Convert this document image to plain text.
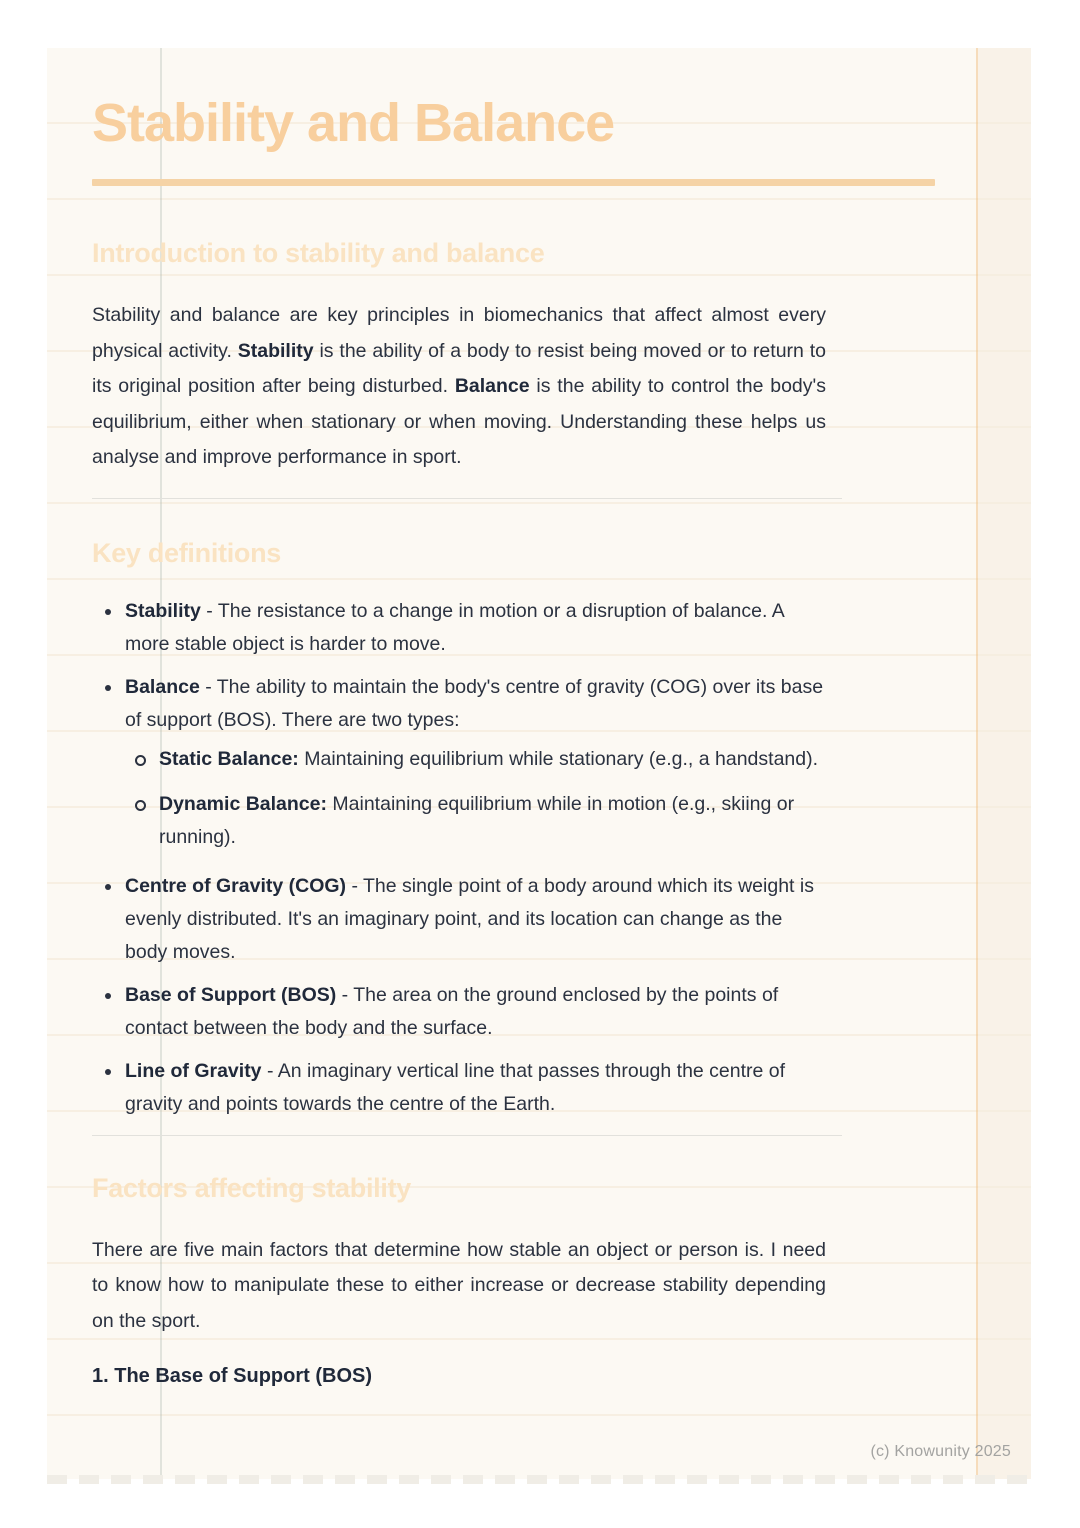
Stability and Balance
Introduction to stability and balance

Stability and balance are key principles in biomechanics that affect almost every physical activity. Stability is the ability of a body to resist being moved or to return to its original position after being disturbed. Balance is the ability to control the body's equilibrium, either when stationary or when moving. Understanding these helps us analyse and improve performance in sport.

Key definitions
Stability - The resistance to a change in motion or a disruption of balance. A more stable object is harder to move.
Balance - The ability to maintain the body's centre of gravity (COG) over its base of support (BOS). There are two types:
Static Balance: Maintaining equilibrium while stationary (e.g., a handstand).
Dynamic Balance: Maintaining equilibrium while in motion (e.g., skiing or running).
Centre of Gravity (COG) - The single point of a body around which its weight is evenly distributed. It's an imaginary point, and its location can change as the body moves.
Base of Support (BOS) - The area on the ground enclosed by the points of contact between the body and the surface.
Line of Gravity - An imaginary vertical line that passes through the centre of gravity and points towards the centre of the Earth.
Factors affecting stability

There are five main factors that determine how stable an object or person is. I need to know how to manipulate these to either increase or decrease stability depending on the sport.

1. The Base of Support (BOS)
(c) Knowunity 2025
